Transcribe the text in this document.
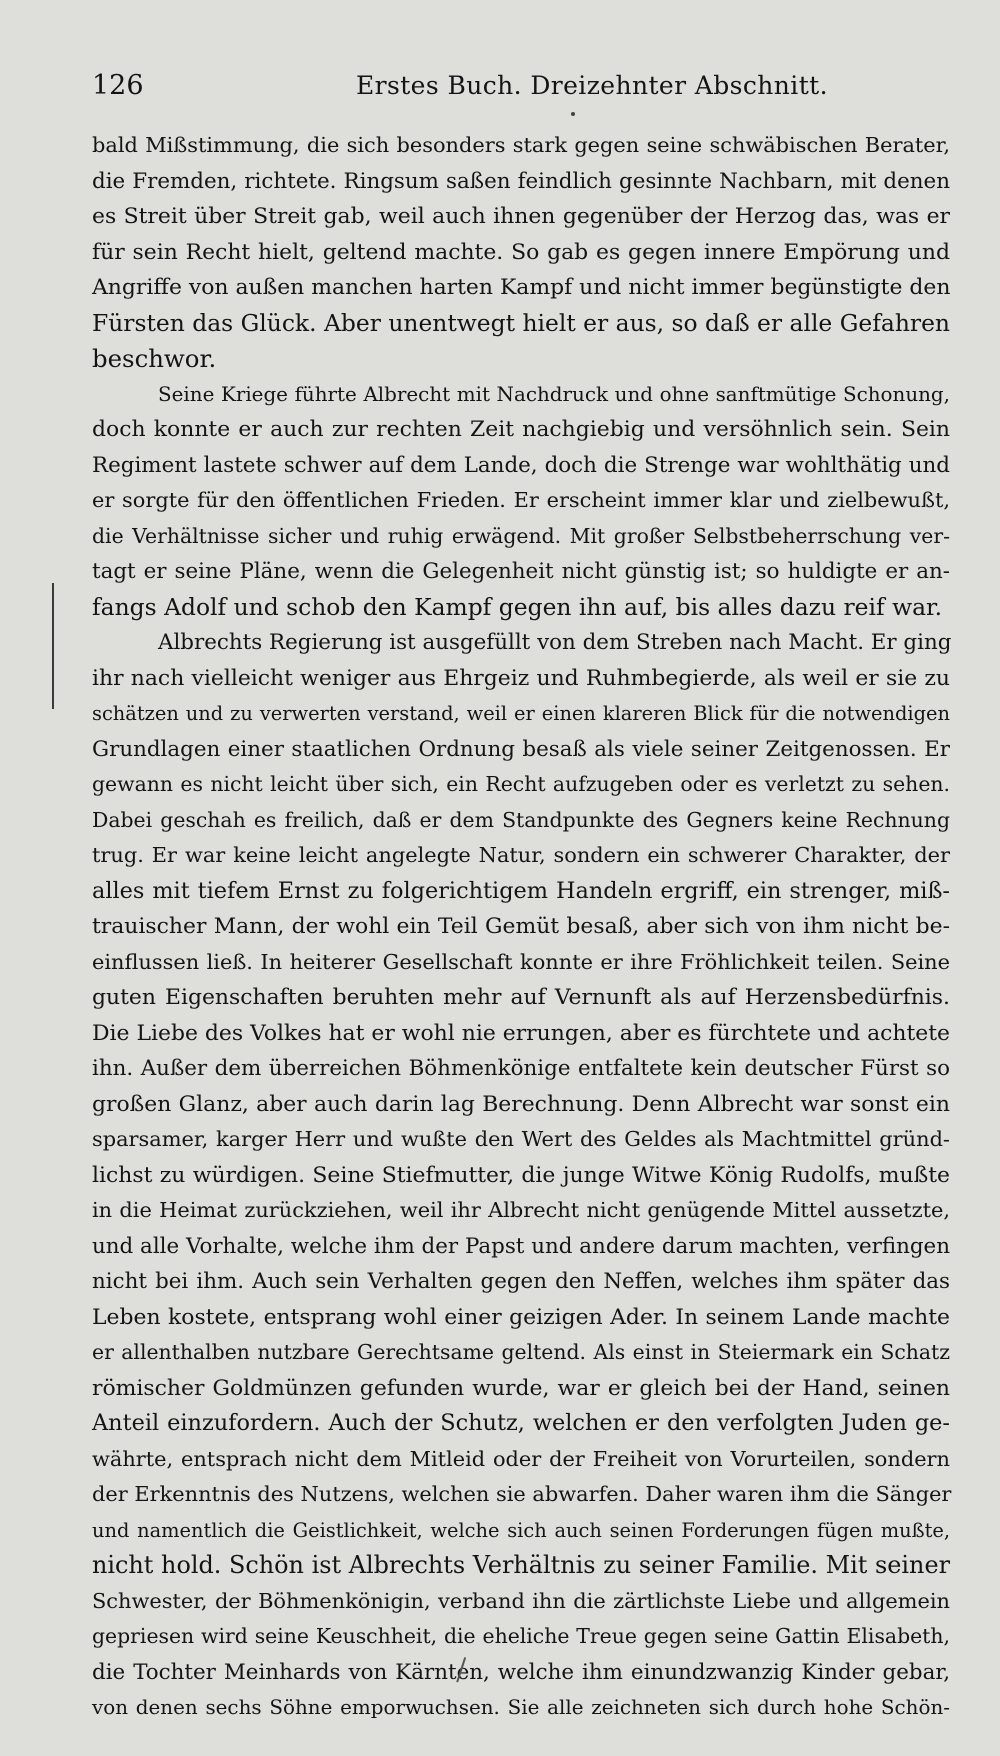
126	Erstes Buch. Dreizehnter Abschnitt.
bald Mißstimmung, die sich besonders stark gegen seine schwäbischen Berater,
die Fremden, richtete. Ringsum saßen feindlich gesinnte Nachbarn, mit denen
es Streit über Streit gab, weil auch ihnen gegenüber der Herzog das, was er
für sein Recht hielt, geltend machte. So gab es gegen innere Empörung und
Angriffe von außen manchen harten Kampf und nicht immer begünstigte den
Fürsten das Glück. Aber unentwegt hielt er aus, so daß er alle Gefahren
beschwor.
Seine Kriege führte Albrecht mit Nachdruck und ohne sanftmütige Schonung,
doch konnte er auch zur rechten Zeit nachgiebig und versöhnlich sein. Sein
Regiment lastete schwer auf dem Lande, doch die Strenge war wohlthätig und
er sorgte für den öffentlichen Frieden. Er erscheint immer klar und zielbewußt,
die Verhältnisse sicher und ruhig erwägend. Mit großer Selbstbeherrschung ver-
tagt er seine Pläne, wenn die Gelegenheit nicht günstig ist; so huldigte er an-
fangs Adolf und schob den Kampf gegen ihn auf, bis alles dazu reif war.
Albrechts Regierung ist ausgefüllt von dem Streben nach Macht. Er ging
ihr nach vielleicht weniger aus Ehrgeiz und Ruhmbegierde, als weil er sie zu
schätzen und zu verwerten verstand, weil er einen klareren Blick für die notwendigen
Grundlagen einer staatlichen Ordnung besaß als viele seiner Zeitgenossen. Er
gewann es nicht leicht über sich, ein Recht aufzugeben oder es verletzt zu sehen.
Dabei geschah es freilich, daß er dem Standpunkte des Gegners keine Rechnung
trug. Er war keine leicht angelegte Natur, sondern ein schwerer Charakter, der
alles mit tiefem Ernst zu folgerichtigem Handeln ergriff, ein strenger, miß-
trauischer Mann, der wohl ein Teil Gemüt besaß, aber sich von ihm nicht be-
einflussen ließ. In heiterer Gesellschaft konnte er ihre Fröhlichkeit teilen. Seine
guten Eigenschaften beruhten mehr auf Vernunft als auf Herzensbedürfnis.
Die Liebe des Volkes hat er wohl nie errungen, aber es fürchtete und achtete
ihn. Außer dem überreichen Böhmenkönige entfaltete kein deutscher Fürst so
großen Glanz, aber auch darin lag Berechnung. Denn Albrecht war sonst ein
sparsamer, karger Herr und wußte den Wert des Geldes als Machtmittel gründ-
lichst zu würdigen. Seine Stiefmutter, die junge Witwe König Rudolfs, mußte
in die Heimat zurückziehen, weil ihr Albrecht nicht genügende Mittel aussetzte,
und alle Vorhalte, welche ihm der Papst und andere darum machten, verfingen
nicht bei ihm. Auch sein Verhalten gegen den Neffen, welches ihm später das
Leben kostete, entsprang wohl einer geizigen Ader. In seinem Lande machte
er allenthalben nutzbare Gerechtsame geltend. Als einst in Steiermark ein Schatz
römischer Goldmünzen gefunden wurde, war er gleich bei der Hand, seinen
Anteil einzufordern. Auch der Schutz, welchen er den verfolgten Juden ge-
währte, entsprach nicht dem Mitleid oder der Freiheit von Vorurteilen, sondern
der Erkenntnis des Nutzens, welchen sie abwarfen. Daher waren ihm die Sänger
und namentlich die Geistlichkeit, welche sich auch seinen Forderungen fügen mußte,
nicht hold. Schön ist Albrechts Verhältnis zu seiner Familie. Mit seiner
Schwester, der Böhmenkönigin, verband ihn die zärtlichste Liebe und allgemein
gepriesen wird seine Keuschheit, die eheliche Treue gegen seine Gattin Elisabeth,
die Tochter Meinhards von Kärnten, welche ihm einundzwanzig Kinder gebar,
von denen sechs Söhne emporwuchsen. Sie alle zeichneten sich durch hohe Schön-
